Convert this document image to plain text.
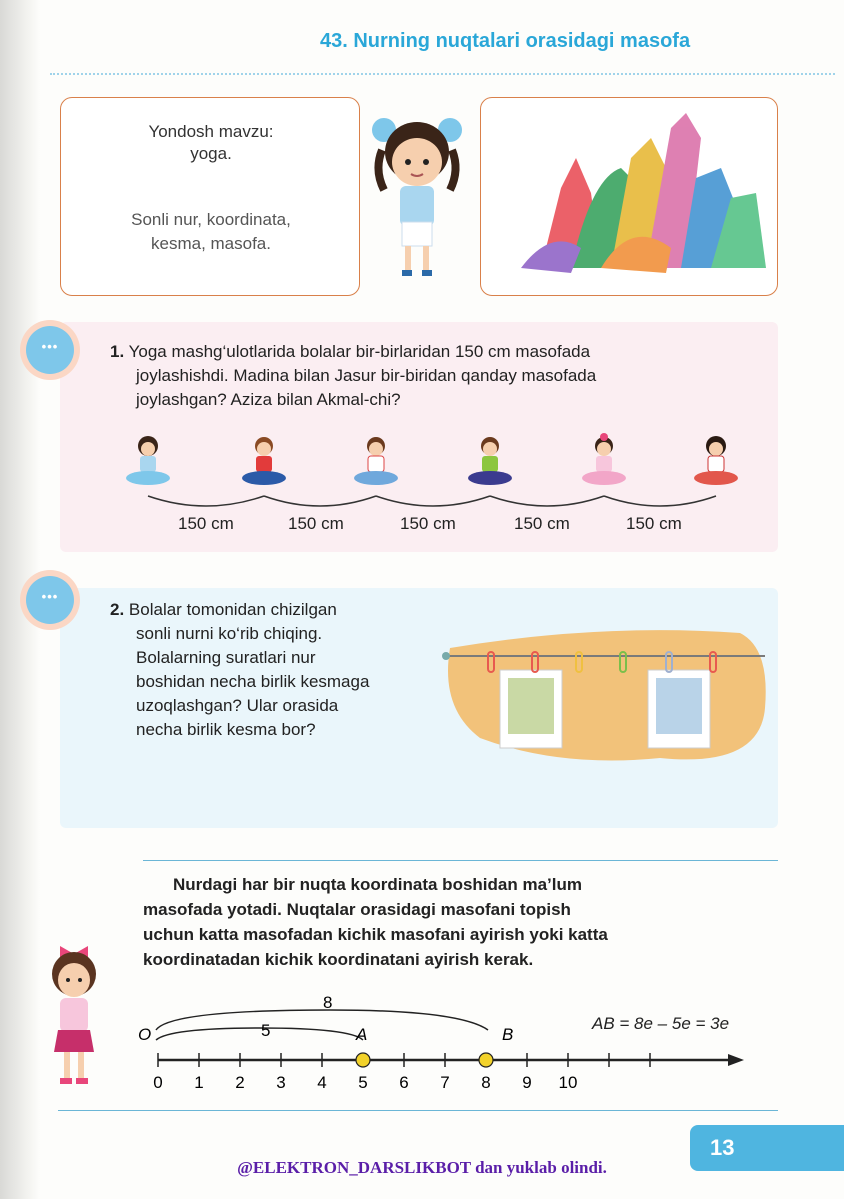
43. Nurning nuqtalari orasidagi masofa
Yondosh mavzu:
yoga.
Sonli nur, koordinata,
kesma, masofa.
•••	1. Yoga mashg‘ulotlarida bolalar bir-birlaridan 150 cm masofada
joylashishdi. Madina bilan Jasur bir-biridan qanday masofada
joylashgan? Aziza bilan Akmal-chi?
150 cm	150 cm	150 cm	150 cm	150 cm
•••
2. Bolalar tomonidan chizilgan
sonli nurni ko‘rib chiqing.
Bolalarning suratlari nur
boshidan necha birlik kesmaga
uzoqlashgan? Ular orasida
necha birlik kesma bor?
Nurdagi har bir nuqta koordinata boshidan ma’lum
masofada yotadi. Nuqtalar orasidagi masofani topish
uchun katta masofadan kichik masofani ayirish yoki katta
koordinatadan kichik koordinatani ayirish kerak.
8
5
O	A	B
0 1 2 3 4 5 6 7 8 9 10
AB = 8e – 5e = 3e
13
@ELEKTRON_DARSLIKBOT dan yuklab olindi.
